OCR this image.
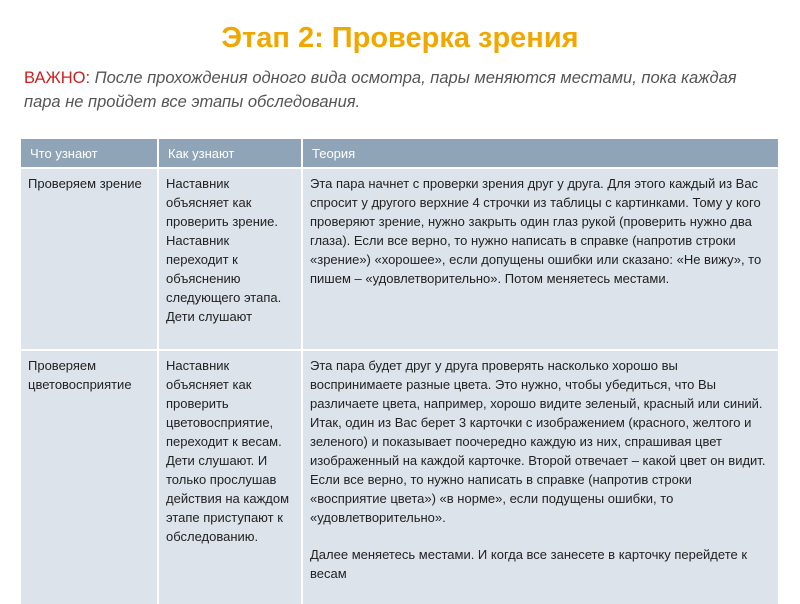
Этап 2: Проверка зрения
ВАЖНО: После прохождения одного вида осмотра, пары меняются местами, пока каждая пара не пройдет все этапы обследования.
Что узнают	Как узнают	Теория

Проверяем зрение	Наставник объясняет как проверить зрение. Наставник переходит к объяснению следующего этапа. Дети слушают	Эта пара начнет с проверки зрения друг у друга. Для этого каждый из Вас спросит у другого верхние 4 строчки из таблицы с картинками. Тому у кого проверяют зрение, нужно закрыть один глаз рукой (проверить нужно два глаза). Если все верно, то нужно написать в справке (напротив строки «зрение») «хорошее», если допущены ошибки или сказано: «Не вижу», то пишем – «удовлетворительно». Потом меняетесь местами.

Проверяем цветовосприятие	Наставник объясняет как проверить цветовосприятие, переходит к весам. Дети слушают. И только прослушав действия на каждом этапе приступают к обследованию.	Эта пара будет друг у друга проверять насколько хорошо вы воспринимаете разные цвета. Это нужно, чтобы убедиться, что Вы различаете цвета, например, хорошо видите зеленый, красный или синий. Итак, один из Вас берет 3 карточки с изображением (красного, желтого и зеленого) и показывает поочередно каждую из них, спрашивая цвет изображенный на каждой карточке. Второй отвечает – какой цвет он видит. Если все верно, то нужно написать в справке (напротив строки «восприятие цвета») «в норме», если подущены ошибки, то «удовлетворительно».
Далее меняетесь местами. И когда все занесете в карточку перейдете к весам
